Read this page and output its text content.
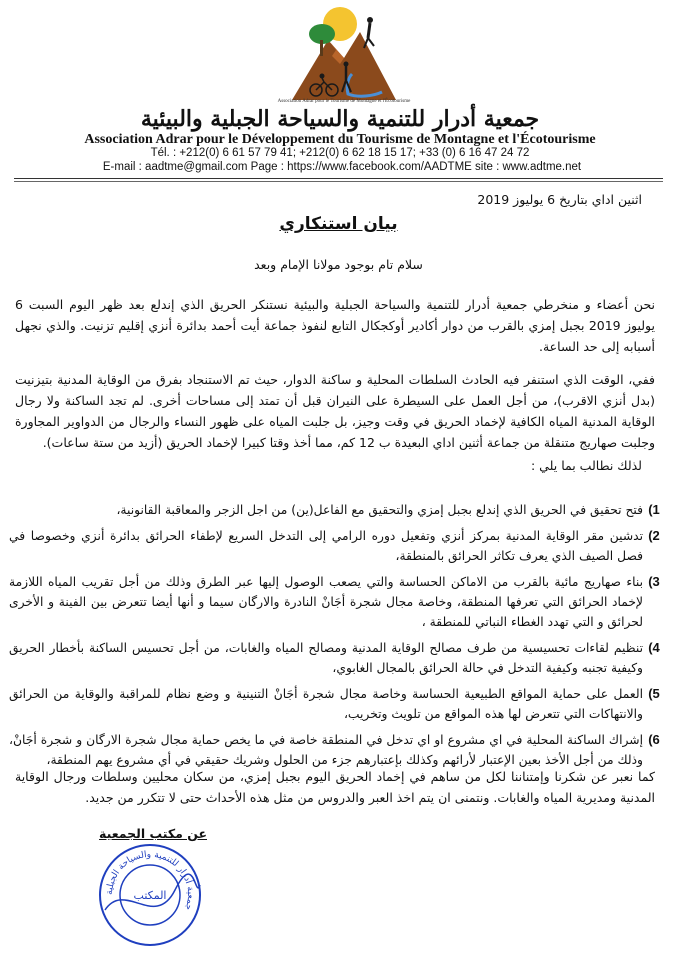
Association Adrar pour le Tourisme de Montagne et l'Écotourisme
جمعية أدرار للتنمية والسياحة الجبلية والبيئية
Association Adrar pour le Développement du Tourisme de Montagne et l'Écotourisme
Tél. : +212(0) 6 61 57 79 41; +212(0) 6 62 18 15 17; +33 (0) 6 16 47 24 72
E-mail : aadtme@gmail.com Page : https://www.facebook.com/AADTME site : www.adtme.net
اثنين اداي بتاريخ 6 يوليوز 2019
بيان استنكاري
سلام تام بوجود مولانا الإمام وبعد
نحن أعضاء و منخرطي جمعية أدرار للتنمية والسياحة الجبلية والبيئية نستنكر الحريق الذي إندلع بعد ظهر اليوم السبت 6 يوليوز 2019 بجبل إمزي بالقرب من دوار أكادير أوكجكال التابع لنفوذ جماعة أيت أحمد بدائرة أنزي إقليم تزنيت. والذي نجهل أسبابه إلى حد الساعة.
ففي، الوقت الذي استنفر فيه الحادث السلطات المحلية و ساكنة الدوار، حيث تم الاستنجاد بفرق من الوقاية المدنية بتيزنيت (بدل أنزي الاقرب)، من أجل العمل على السيطرة على النيران قبل أن تمتد إلى مساحات أخرى. لم تجد الساكنة ولا رجال الوقاية المدنية المياه الكافية لإخماد الحريق في وقت وجيز، بل جلبت المياه على ظهور النساء والرجال من الدواوير المجاورة وجلبت صهاريج متنقلة من جماعة أثنين اداي البعيدة ب 12 كم، مما أخذ وقتا كبيرا لإخماد الحريق (أزيد من ستة ساعات).
لذلك نطالب بما يلي :
1)
فتح تحقيق في الحريق الذي إندلع بجبل إمزي والتحقيق مع الفاعل(ين) من اجل الزجر والمعاقبة القانونية،
2)
تدشين مقر الوقاية المدنية بمركز أنزي وتفعيل دوره الرامي إلى التدخل السريع لإطفاء الحرائق بدائرة أنزي وخصوصا في فصل الصيف الذي يعرف تكاثر الحرائق بالمنطقة،
3)
بناء صهاريج مائية بالقرب من الاماكن الحساسة والتي يصعب الوصول إليها عبر الطرق وذلك من أجل تقريب المياه اللازمة لإخماد الحرائق التي تعرفها المنطقة، وخاصة مجال شجرة أجَانْ النادرة والارگان سيما و أنها أيضا تتعرض بين الفينة و الأخرى لحرائق و التي تهدد الغطاء النباتي للمنطقة ،
4)
تنظيم لقاءات تحسيسية من طرف مصالح الوقاية المدنية ومصالح المياه والغابات، من أجل تحسيس الساكنة بأخطار الحريق وكيفية تجنبه وكيفية التدخل في حالة الحرائق بالمجال الغابوي،
5)
العمل على حماية المواقع الطبيعية الحساسة وخاصة مجال شجرة أجَانْ التنينية و وضع نظام للمراقبة والوقاية من الحرائق والانتهاكات التي تتعرض لها هذه المواقع من تلويث وتخريب،
6)
إشراك الساكنة المحلية في اي مشروع او اي تدخل في المنطقة خاصة في ما يخص حماية مجال شجرة الارگان و شجرة أجَانْ، وذلك من أجل الأخذ بعين الإعتبار لأرائهم وكذلك بإعتبارهم جزء من الحلول وشريك حقيقي في أي مشروع يهم المنطقة،
كما نعبر عن شكرنا وإمتناننا لكل من ساهم في إخماد الحريق اليوم بجبل إمزي، من سكان محليين وسلطات ورجال الوقاية المدنية ومديرية المياه والغابات. ونتمنى ان يتم اخذ العبر والدروس من مثل هذه الأحداث حتى لا تتكرر من جديد.
عن مكتب الجمعية
جمعية أدرار للتنمية والسياحة الجبلية
المكتب
